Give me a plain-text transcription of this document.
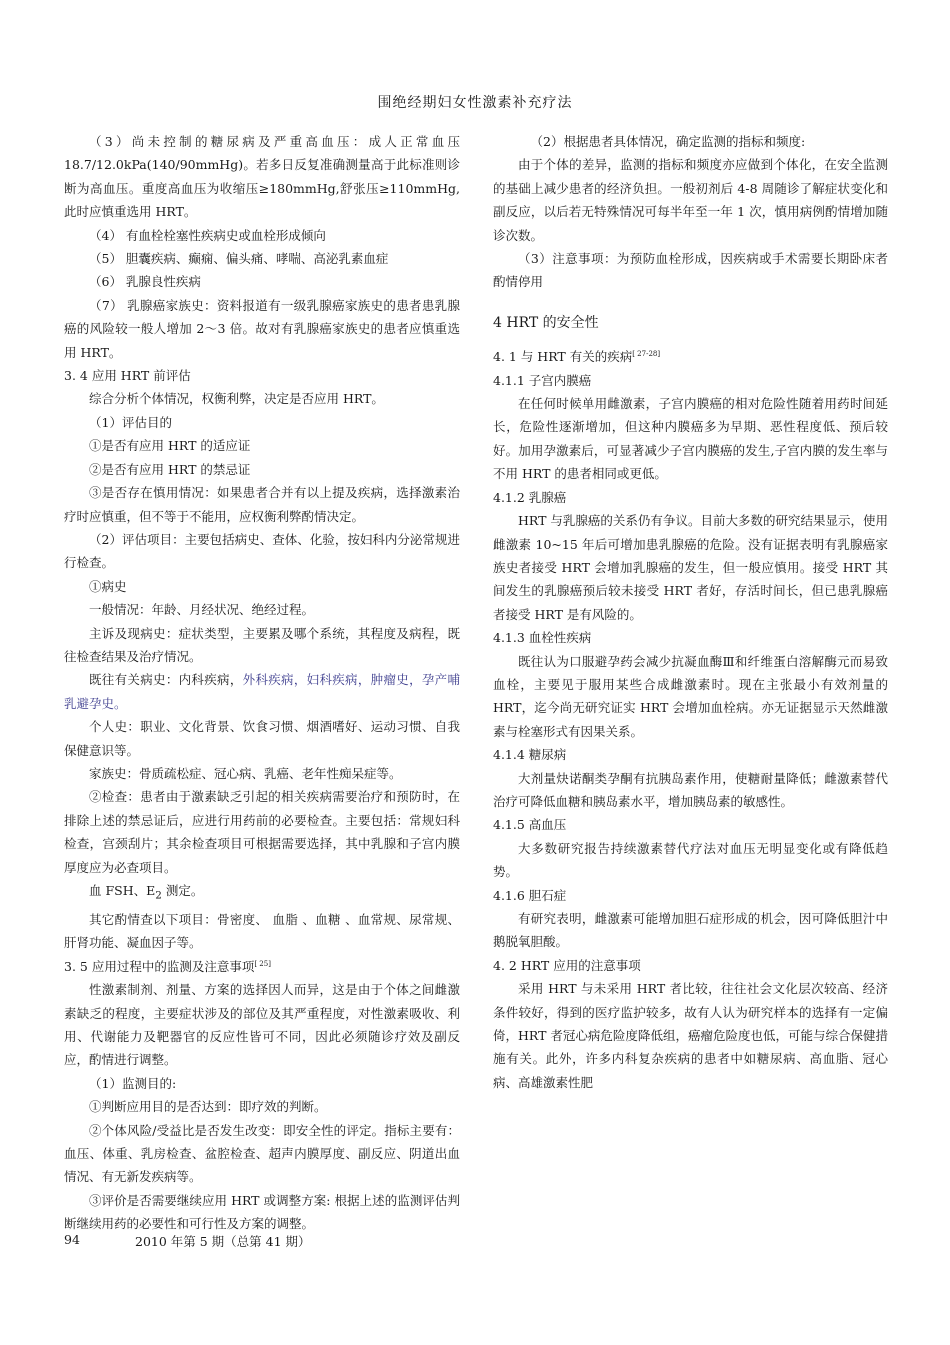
围绝经期妇女性激素补充疗法

（3）尚未控制的糖尿病及严重高血压：成人正常血压18.7/12.0kPa(140/90mmHg)。若多日反复准确测量高于此标准则诊断为高血压。重度高血压为收缩压≥180mmHg,舒张压≥110mmHg,此时应慎重选用 HRT。

（4） 有血栓栓塞性疾病史或血栓形成倾向

（5） 胆囊疾病、癫痫、偏头痛、哮喘、高泌乳素血症

（6） 乳腺良性疾病

（7） 乳腺癌家族史：资料报道有一级乳腺癌家族史的患者患乳腺癌的风险较一般人增加 2～3 倍。故对有乳腺癌家族史的患者应慎重选用 HRT。

3. 4 应用 HRT 前评估

综合分析个体情况，权衡利弊，决定是否应用 HRT。

（1）评估目的

①是否有应用 HRT 的适应证

②是否有应用 HRT 的禁忌证

③是否存在慎用情况：如果患者合并有以上提及疾病，选择激素治疗时应慎重，但不等于不能用，应权衡利弊酌情决定。

（2）评估项目：主要包括病史、查体、化验，按妇科内分泌常规进行检查。

①病史

一般情况：年龄、月经状况、绝经过程。

主诉及现病史：症状类型，主要累及哪个系统，其程度及病程，既往检查结果及治疗情况。

既往有关病史：内科疾病，外科疾病，妇科疾病，肿瘤史，孕产哺乳避孕史。

个人史：职业、文化背景、饮食习惯、烟酒嗜好、运动习惯、自我保健意识等。

家族史：骨质疏松症、冠心病、乳癌、老年性痴呆症等。

②检查：患者由于激素缺乏引起的相关疾病需要治疗和预防时，在排除上述的禁忌证后，应进行用药前的必要检查。主要包括：常规妇科检查，宫颈刮片；其余检查项目可根据需要选择，其中乳腺和子宫内膜厚度应为必查项目。

血 FSH、$E_2$ 测定。

其它酌情查以下项目：骨密度、 血脂 、血糖 、血常规、尿常规、肝肾功能、凝血因子等。

3. 5 应用过程中的监测及注意事项[ 25]

性激素制剂、剂量、方案的选择因人而异，这是由于个体之间雌激素缺乏的程度，主要症状涉及的部位及其严重程度，对性激素吸收、利用、代谢能力及靶器官的反应性皆可不同，因此必须随诊疗效及副反应，酌情进行调整。

（1）监测目的:

①判断应用目的是否达到：即疗效的判断。

②个体风险/受益比是否发生改变：即安全性的评定。指标主要有：血压、体重、乳房检查、盆腔检查、超声内膜厚度、副反应、阴道出血情况、有无新发疾病等。

③评价是否需要继续应用 HRT 或调整方案: 根据上述的监测评估判断继续用药的必要性和可行性及方案的调整。

（2）根据患者具体情况，确定监测的指标和频度:

由于个体的差异，监测的指标和频度亦应做到个体化，在安全监测的基础上减少患者的经济负担。一般初剂后 4-8 周随诊了解症状变化和副反应，以后若无特殊情况可每半年至一年 1 次，慎用病例酌情增加随诊次数。

（3）注意事项：为预防血栓形成，因疾病或手术需要长期卧床者酌情停用

4 HRT 的安全性

4. 1 与 HRT 有关的疾病[ 27-28]

4.1.1 子宫内膜癌

在任何时候单用雌激素，子宫内膜癌的相对危险性随着用药时间延长，危险性逐渐增加，但这种内膜癌多为早期、恶性程度低、预后较好。加用孕激素后，可显著减少子宫内膜癌的发生,子宫内膜的发生率与不用 HRT 的患者相同或更低。

4.1.2 乳腺癌

HRT 与乳腺癌的关系仍有争议。目前大多数的研究结果显示，使用雌激素 10~15 年后可增加患乳腺癌的危险。没有证据表明有乳腺癌家族史者接受 HRT 会增加乳腺癌的发生，但一般应慎用。接受 HRT 其间发生的乳腺癌预后较未接受 HRT 者好，存活时间长，但已患乳腺癌者接受 HRT 是有风险的。

4.1.3 血栓性疾病

既往认为口服避孕药会减少抗凝血酶Ⅲ和纤维蛋白溶解酶元而易致血栓，主要见于服用某些合成雌激素时。现在主张最小有效剂量的 HRT，迄今尚无研究证实 HRT 会增加血栓病。亦无证据显示天然雌激素与栓塞形式有因果关系。

4.1.4 糖尿病

大剂量炔诺酮类孕酮有抗胰岛素作用，使糖耐量降低；雌激素替代治疗可降低血糖和胰岛素水平，增加胰岛素的敏感性。

4.1.5 高血压

大多数研究报告持续激素替代疗法对血压无明显变化或有降低趋势。

4.1.6 胆石症

有研究表明，雌激素可能增加胆石症形成的机会，因可降低胆汁中鹅脱氧胆酸。

4. 2 HRT 应用的注意事项

采用 HRT 与未采用 HRT 者比较，往往社会文化层次较高、经济条件较好，得到的医疗监护较多，故有人认为研究样本的选择有一定偏倚，HRT 者冠心病危险度降低组，癌瘤危险度也低，可能与综合保健措施有关。此外，许多内科复杂疾病的患者中如糖尿病、高血脂、冠心病、高雄激素性肥

94	2010 年第 5 期（总第 41 期）
